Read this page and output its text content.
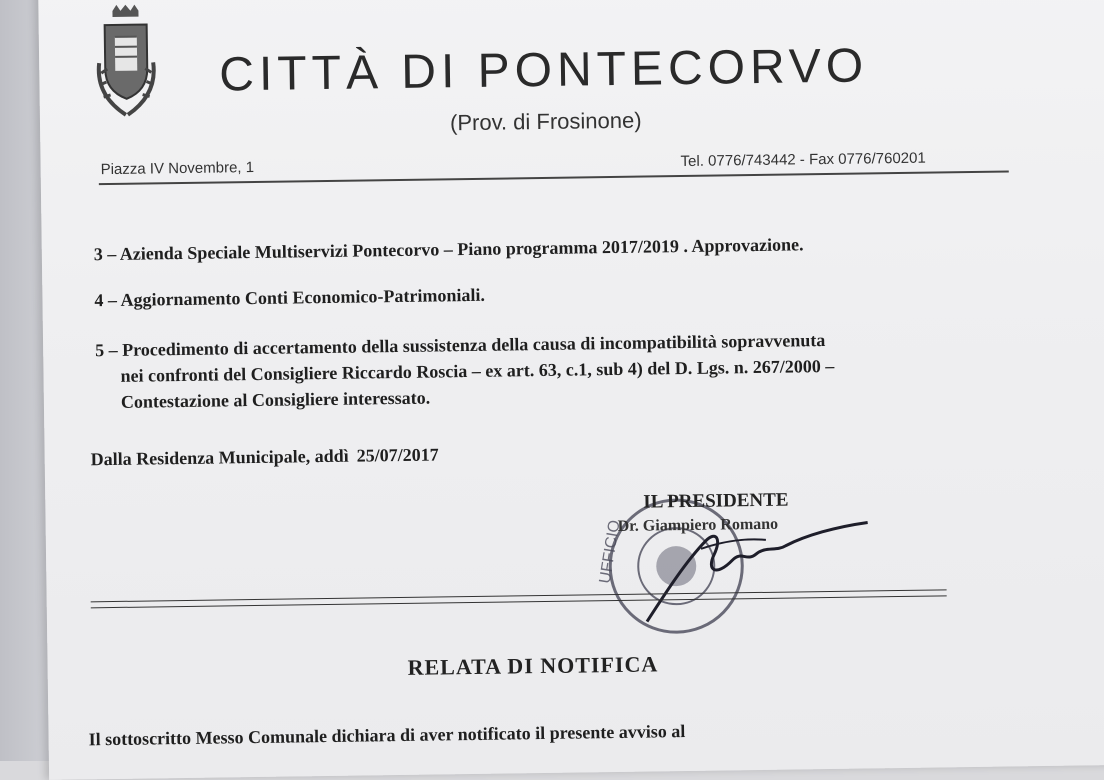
CITTÀ DI PONTECORVO
(Prov. di Frosinone)
Piazza IV Novembre, 1	Tel. 0776/743442 - Fax 0776/760201
3 – Azienda Speciale Multiservizi Pontecorvo – Piano programma 2017/2019 . Approvazione.
4 – Aggiornamento Conti Economico-Patrimoniali.
5 – Procedimento di accertamento della sussistenza della causa di incompatibilità sopravvenuta
nei confronti del Consigliere Riccardo Roscia – ex art. 63, c.1, sub 4) del D. Lgs. n. 267/2000 –
Contestazione al Consigliere interessato.
Dalla Residenza Municipale, addì 25/07/2017
UFFICIO
IL PRESIDENTE
Dr. Giampiero Romano
RELATA DI NOTIFICA
Il sottoscritto Messo Comunale dichiara di aver notificato il presente avviso al
